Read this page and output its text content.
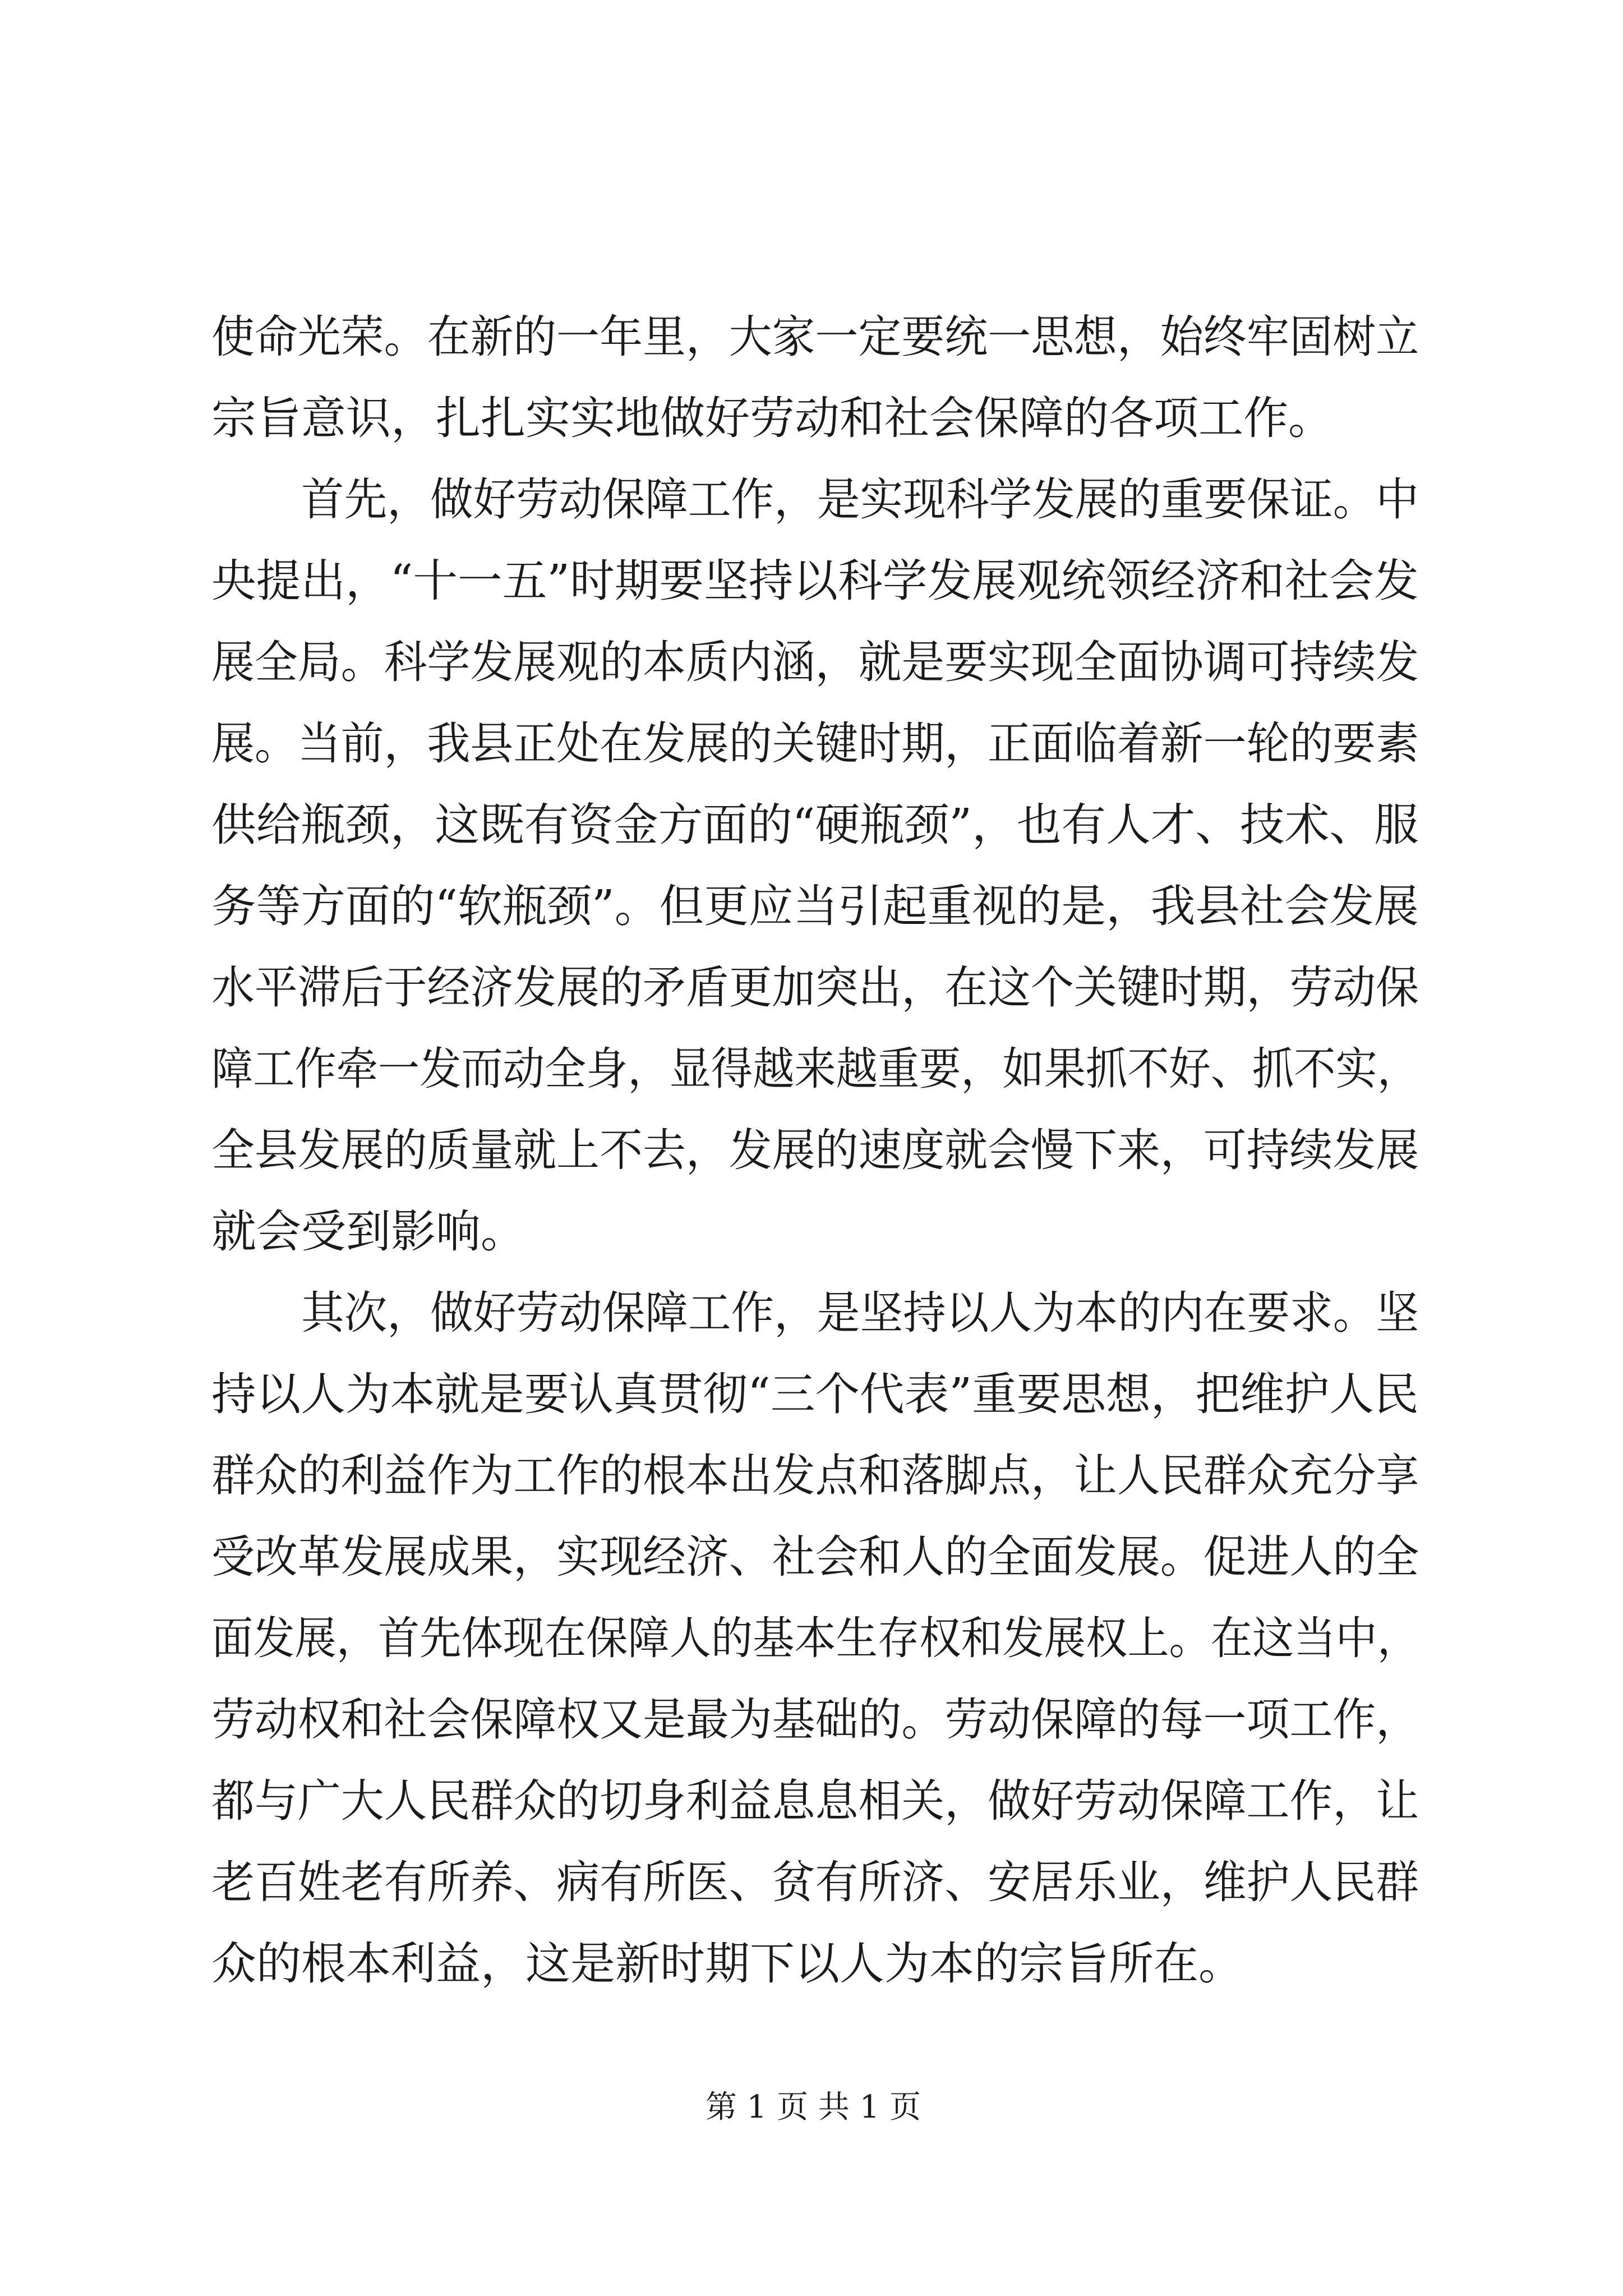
使命光荣。在新的一年里，大家一定要统一思想，始终牢固树立
宗旨意识，扎扎实实地做好劳动和社会保障的各项工作。
首先，做好劳动保障工作，是实现科学发展的重要保证。中
央提出，“十一五”时期要坚持以科学发展观统领经济和社会发
展全局。科学发展观的本质内涵，就是要实现全面协调可持续发
展。当前，我县正处在发展的关键时期，正面临着新一轮的要素
供给瓶颈，这既有资金方面的“硬瓶颈”，也有人才、技术、服
务等方面的“软瓶颈”。但更应当引起重视的是，我县社会发展
水平滞后于经济发展的矛盾更加突出，在这个关键时期，劳动保
障工作牵一发而动全身，显得越来越重要，如果抓不好、抓不实，
全县发展的质量就上不去，发展的速度就会慢下来，可持续发展
就会受到影响。
其次，做好劳动保障工作，是坚持以人为本的内在要求。坚
持以人为本就是要认真贯彻“三个代表”重要思想，把维护人民
群众的利益作为工作的根本出发点和落脚点，让人民群众充分享
受改革发展成果，实现经济、社会和人的全面发展。促进人的全
面发展，首先体现在保障人的基本生存权和发展权上。在这当中，
劳动权和社会保障权又是最为基础的。劳动保障的每一项工作，
都与广大人民群众的切身利益息息相关，做好劳动保障工作，让
老百姓老有所养、病有所医、贫有所济、安居乐业，维护人民群
众的根本利益，这是新时期下以人为本的宗旨所在。
第 1 页 共 1 页
